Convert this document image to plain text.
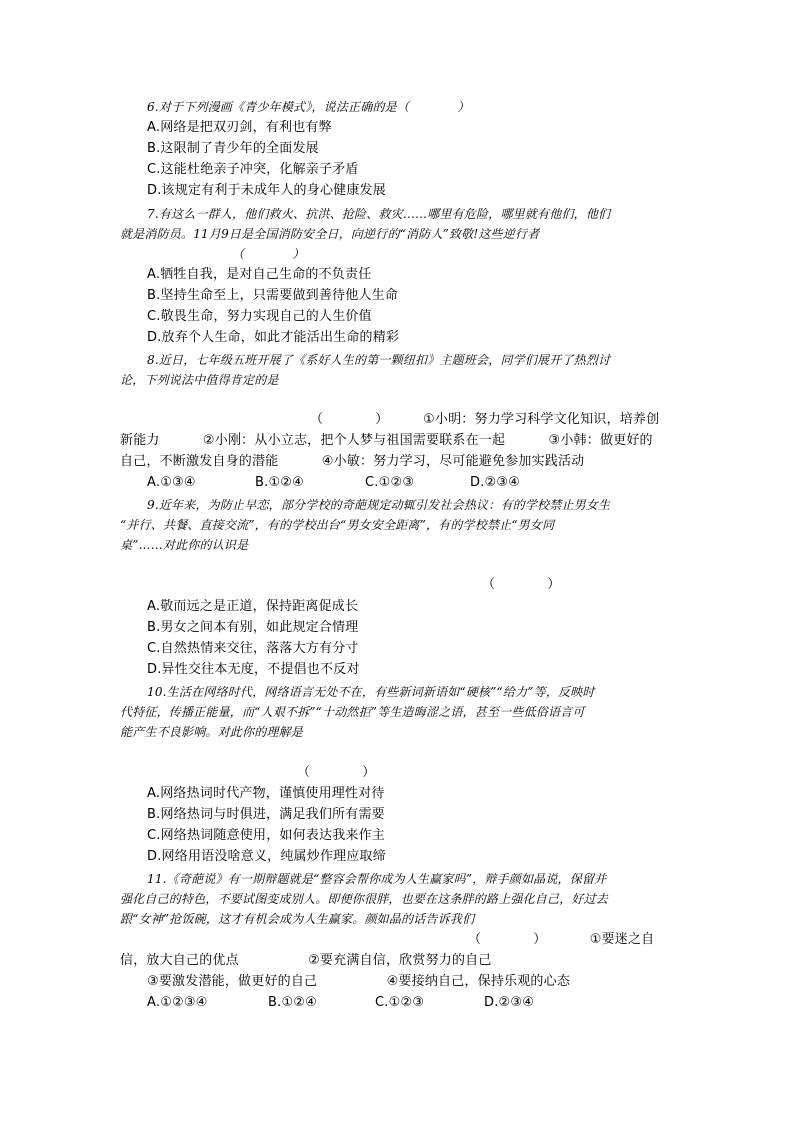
6.对于下列漫画《青少年模式》，说法正确的是（            ）
A.网络是把双刃剑，有利也有弊
B.这限制了青少年的全面发展
C.这能杜绝亲子冲突，化解亲子矛盾
D.该规定有利于未成年人的身心健康发展
7.有这么一群人，他们救火、抗洪、抢险、救灾……哪里有危险，哪里就有他们，他们
就是消防员。11月9日是全国消防安全日，向逆行的“消防人”致敬!这些逆行者
（            ）
A.牺牲自我，是对自己生命的不负责任
B.坚持生命至上，只需要做到善待他人生命
C.敬畏生命，努力实现自己的人生价值
D.放弃个人生命，如此才能活出生命的精彩
8.近日，七年级五班开展了《系好人生的第一颗纽扣》主题班会，同学们展开了热烈讨
论，下列说法中值得肯定的是
（            ）        ①小明：努力学习科学文化知识，培养创
新能力          ②小刚：从小立志，把个人梦与祖国需要联系在一起          ③小韩：做更好的
自己，不断激发自身的潜能          ④小敏：努力学习，尽可能避免参加实践活动
A.①③④	B.①②④	C.①②③	D.②③④
9.近年来，为防止早恋，部分学校的奇葩规定动辄引发社会热议：有的学校禁止男女生
“并行、共餐、直接交流”，有的学校出台“男女安全距离”，有的学校禁止“男女同
桌”……对此你的认识是
（            ）
A.敬而远之是正道，保持距离促成长
B.男女之间本有别，如此规定合情理
C.自然热情来交往，落落大方有分寸
D.异性交往本无度，不提倡也不反对
10.生活在网络时代，网络语言无处不在，有些新词新语如“硬核”“给力”等，反映时
代特征，传播正能量，而“人艰不拆”“十动然拒”等生造晦涩之语，甚至一些低俗语言可
能产生不良影响。对此你的理解是
（            ）
A.网络热词时代产物，谨慎使用理性对待
B.网络热词与时俱进，满足我们所有需要
C.网络热词随意使用，如何表达我来作主
D.网络用语没啥意义，纯属炒作理应取缔
11.《奇葩说》有一期辩题就是“整容会帮你成为人生赢家吗”，辩手颜如晶说，保留并
强化自己的特色，不要试图变成别人。即便你很胖，也要在这条胖的路上强化自己，好过去
跟“女神”抢饭碗，这才有机会成为人生赢家。颜如晶的话告诉我们
（            ）          ①要迷之自
信，放大自己的优点                ②要充满自信，欣赏努力的自己
③要激发潜能，做更好的自己                ④要接纳自己，保持乐观的心态
A.①②③④	B.①②④	C.①②③	D.②③④
